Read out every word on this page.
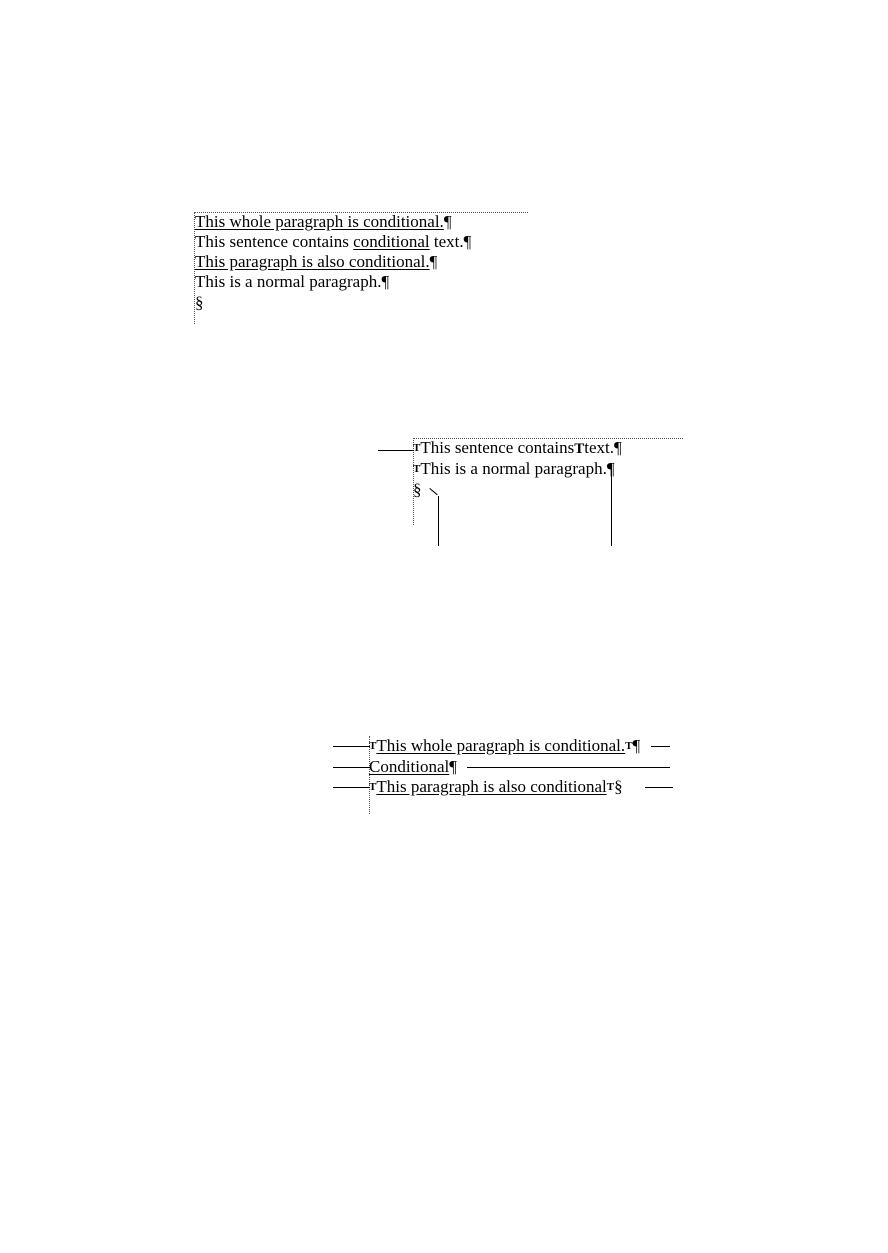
This whole paragraph is conditional.¶
This sentence contains conditional text.¶
This paragraph is also conditional.¶
This is a normal paragraph.¶
§
TThis sentence containsTtext.¶
TThis is a normal paragraph.¶
§
TThis whole paragraph is conditional.T¶
Conditional¶
TThis paragraph is also conditionalT§
